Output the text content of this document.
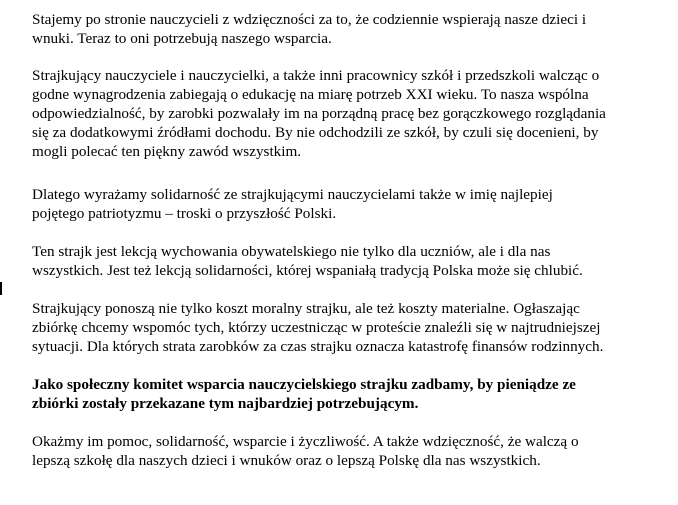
Stajemy po stronie nauczycieli z wdzięczności za to, że codziennie wspierają nasze dzieci i
wnuki. Teraz to oni potrzebują naszego wsparcia.

Strajkujący nauczyciele i nauczycielki, a także inni pracownicy szkół i przedszkoli walcząc o
godne wynagrodzenia zabiegają o edukację na miarę potrzeb XXI wieku. To nasza wspólna
odpowiedzialność, by zarobki pozwalały im na porządną pracę bez gorączkowego rozglądania
się za dodatkowymi źródłami dochodu. By nie odchodzili ze szkół, by czuli się docenieni, by
mogli polecać ten piękny zawód wszystkim.

Dlatego wyrażamy solidarność ze strajkującymi nauczycielami także w imię najlepiej
pojętego patriotyzmu – troski o przyszłość Polski.

Ten strajk jest lekcją wychowania obywatelskiego nie tylko dla uczniów, ale i dla nas
wszystkich. Jest też lekcją solidarności, której wspaniałą tradycją Polska może się chlubić.

Strajkujący ponoszą nie tylko koszt moralny strajku, ale też koszty materialne. Ogłaszając
zbiórkę chcemy wspomóc tych, którzy uczestnicząc w proteście znaleźli się w najtrudniejszej
sytuacji. Dla których strata zarobków za czas strajku oznacza katastrofę finansów rodzinnych.

Jako społeczny komitet wsparcia nauczycielskiego strajku zadbamy, by pieniądze ze
zbiórki zostały przekazane tym najbardziej potrzebującym.

Okażmy im pomoc, solidarność, wsparcie i życzliwość. A także wdzięczność, że walczą o
lepszą szkołę dla naszych dzieci i wnuków oraz o lepszą Polskę dla nas wszystkich.
